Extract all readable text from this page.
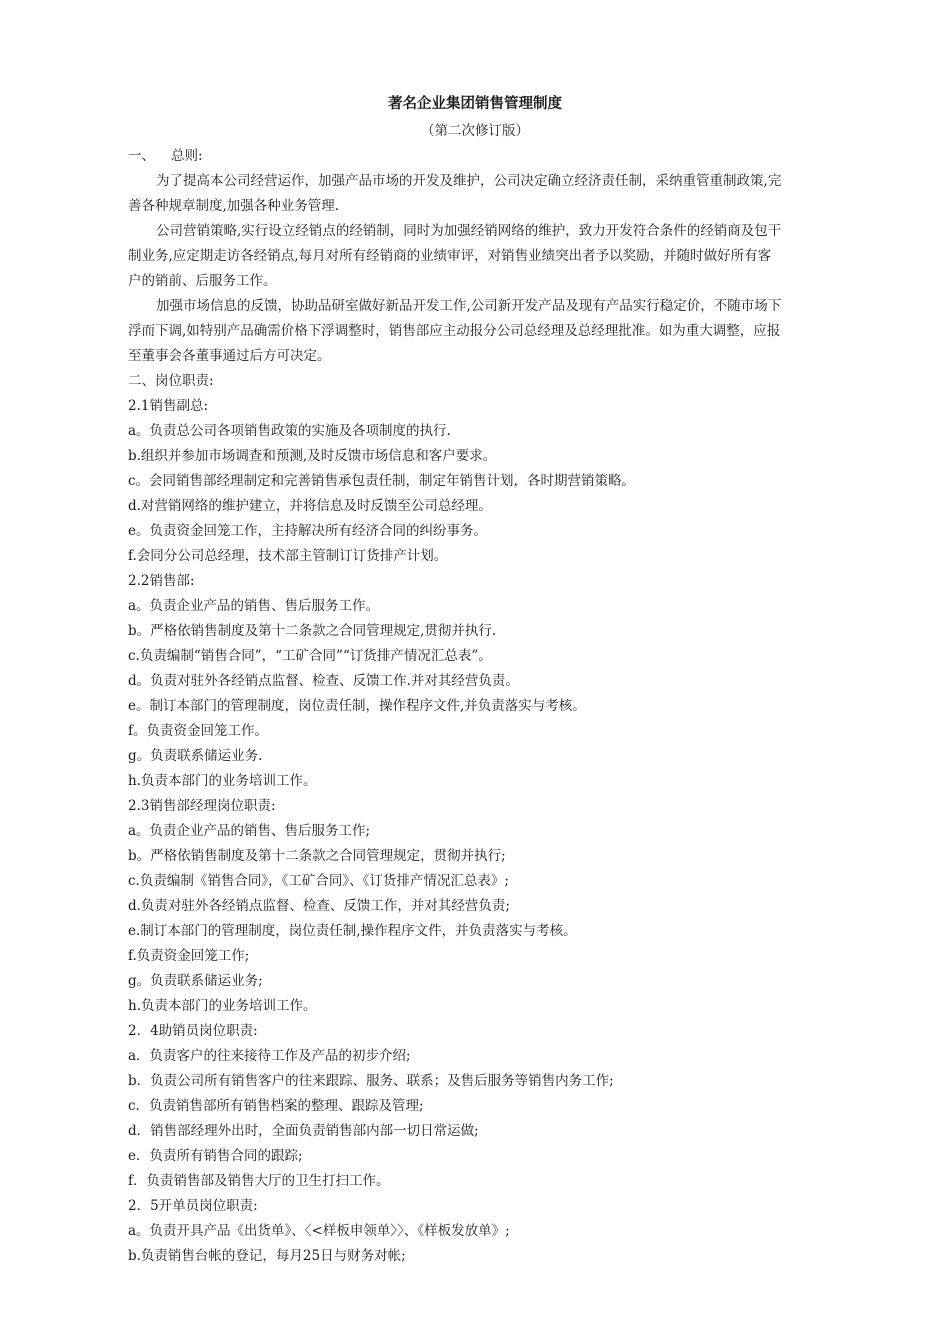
著名企业集团销售管理制度
（第二次修订版）
一、 总则:
为了提高本公司经营运作，加强产品市场的开发及维护，公司决定确立经济责任制，采纳重管重制政策,完
善各种规章制度,加强各种业务管理.
公司营销策略,实行设立经销点的经销制，同时为加强经销网络的维护，致力开发符合条件的经销商及包干
制业务,应定期走访各经销点,每月对所有经销商的业绩审评，对销售业绩突出者予以奖励，并随时做好所有客
户的销前、后服务工作。
加强市场信息的反馈，协助品研室做好新品开发工作,公司新开发产品及现有产品实行稳定价，不随市场下
浮而下调,如特别产品确需价格下浮调整时，销售部应主动报分公司总经理及总经理批准。如为重大调整，应报
至董事会各董事通过后方可决定。
二、岗位职责:
2.1销售副总:
a。负责总公司各项销售政策的实施及各项制度的执行.
b.组织并参加市场调查和预测,及时反馈市场信息和客户要求。
c。会同销售部经理制定和完善销售承包责任制，制定年销售计划，各时期营销策略。
d.对营销网络的维护建立，并将信息及时反馈至公司总经理。
e。负责资金回笼工作，主持解决所有经济合同的纠纷事务。
f.会同分公司总经理，技术部主管制订订货排产计划。
2.2销售部:
a。负责企业产品的销售、售后服务工作。
b。严格依销售制度及第十二条款之合同管理规定,贯彻并执行.
c.负责编制“销售合同”，“工矿合同”“订货排产情况汇总表”。
d。负责对驻外各经销点监督、检查、反馈工作.并对其经营负责。
e。制订本部门的管理制度，岗位责任制，操作程序文件,并负责落实与考核。
f。负责资金回笼工作。
g。负责联系储运业务.
h.负责本部门的业务培训工作。
2.3销售部经理岗位职责:
a。负责企业产品的销售、售后服务工作;
b。严格依销售制度及第十二条款之合同管理规定，贯彻并执行;
c.负责编制《销售合同》，《工矿合同》、《订货排产情况汇总表》;
d.负责对驻外各经销点监督、检查、反馈工作，并对其经营负责;
e.制订本部门的管理制度，岗位责任制,操作程序文件，并负责落实与考核。
f.负责资金回笼工作;
g。负责联系储运业务;
h.负责本部门的业务培训工作。
2．4助销员岗位职责:
a．负责客户的往来接待工作及产品的初步介绍;
b．负责公司所有销售客户的往来跟踪、服务、联系；及售后服务等销售内务工作;
c．负责销售部所有销售档案的整理、跟踪及管理;
d．销售部经理外出时，全面负责销售部内部一切日常运做;
e．负责所有销售合同的跟踪;
f．负责销售部及销售大厅的卫生打扫工作。
2．5开单员岗位职责:
a。负责开具产品《出货单》、〈<样板申领单〉〉、《样板发放单》;
b.负责销售台帐的登记，每月25日与财务对帐;
